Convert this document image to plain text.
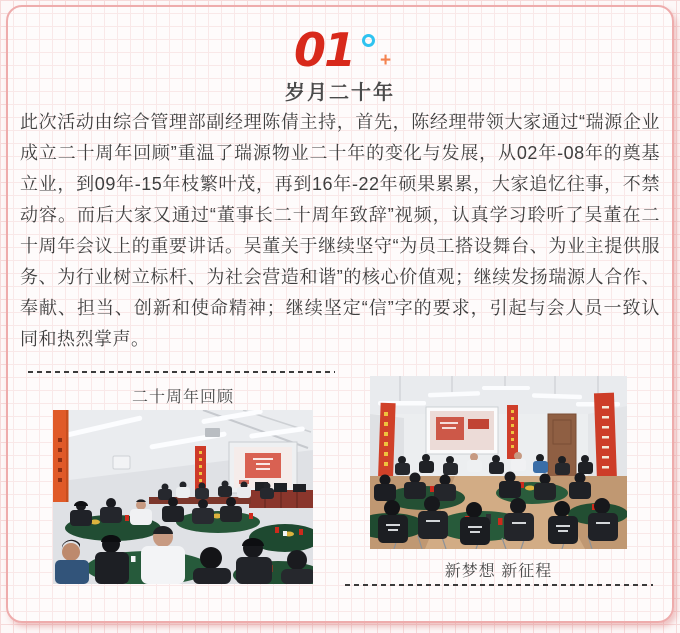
01 +
岁月二十年

此次活动由综合管理部副经理陈倩主持，首先，陈经理带领大家通过“瑞源企业成立二十周年回顾”重温了瑞源物业二十年的变化与发展，从02年-08年的奠基立业，到09年-15年枝繁叶茂，再到16年-22年硕果累累，大家追忆往事，不禁动容。而后大家又通过“董事长二十周年致辞”视频，认真学习聆听了吴董在二十周年会议上的重要讲话。吴董关于继续坚守“为员工搭设舞台、为业主提供服务、为行业树立标杆、为社会营造和谐”的核心价值观；继续发扬瑞源人合作、奉献、担当、创新和使命精神；继续坚定“信”字的要求，引起与会人员一致认同和热烈掌声。

二十周年回顾
新梦想 新征程
